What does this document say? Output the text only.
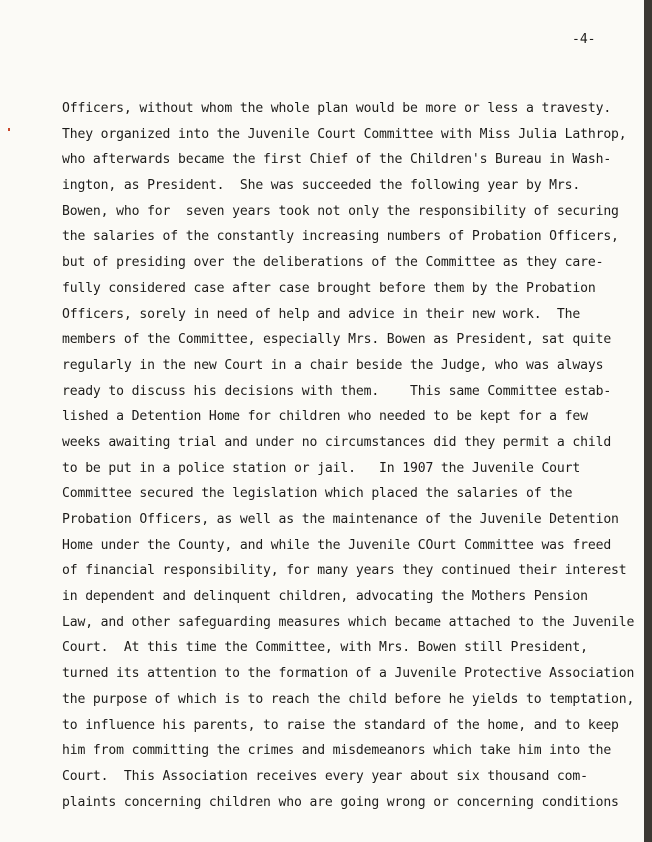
-4-
Officers, without whom the whole plan would be more or less a travesty.
They organized into the Juvenile Court Committee with Miss Julia Lathrop,
who afterwards became the first Chief of the Children's Bureau in Wash-
ington, as President.  She was succeeded the following year by Mrs.
Bowen, who for  seven years took not only the responsibility of securing
the salaries of the constantly increasing numbers of Probation Officers,
but of presiding over the deliberations of the Committee as they care-
fully considered case after case brought before them by the Probation
Officers, sorely in need of help and advice in their new work.  The
members of the Committee, especially Mrs. Bowen as President, sat quite
regularly in the new Court in a chair beside the Judge, who was always
ready to discuss his decisions with them.    This same Committee estab-
lished a Detention Home for children who needed to be kept for a few
weeks awaiting trial and under no circumstances did they permit a child
to be put in a police station or jail.   In 1907 the Juvenile Court
Committee secured the legislation which placed the salaries of the
Probation Officers, as well as the maintenance of the Juvenile Detention
Home under the County, and while the Juvenile COurt Committee was freed
of financial responsibility, for many years they continued their interest
in dependent and delinquent children, advocating the Mothers Pension
Law, and other safeguarding measures which became attached to the Juvenile
Court.  At this time the Committee, with Mrs. Bowen still President,
turned its attention to the formation of a Juvenile Protective Association
the purpose of which is to reach the child before he yields to temptation,
to influence his parents, to raise the standard of the home, and to keep
him from committing the crimes and misdemeanors which take him into the
Court.  This Association receives every year about six thousand com-
plaints concerning children who are going wrong or concerning conditions
